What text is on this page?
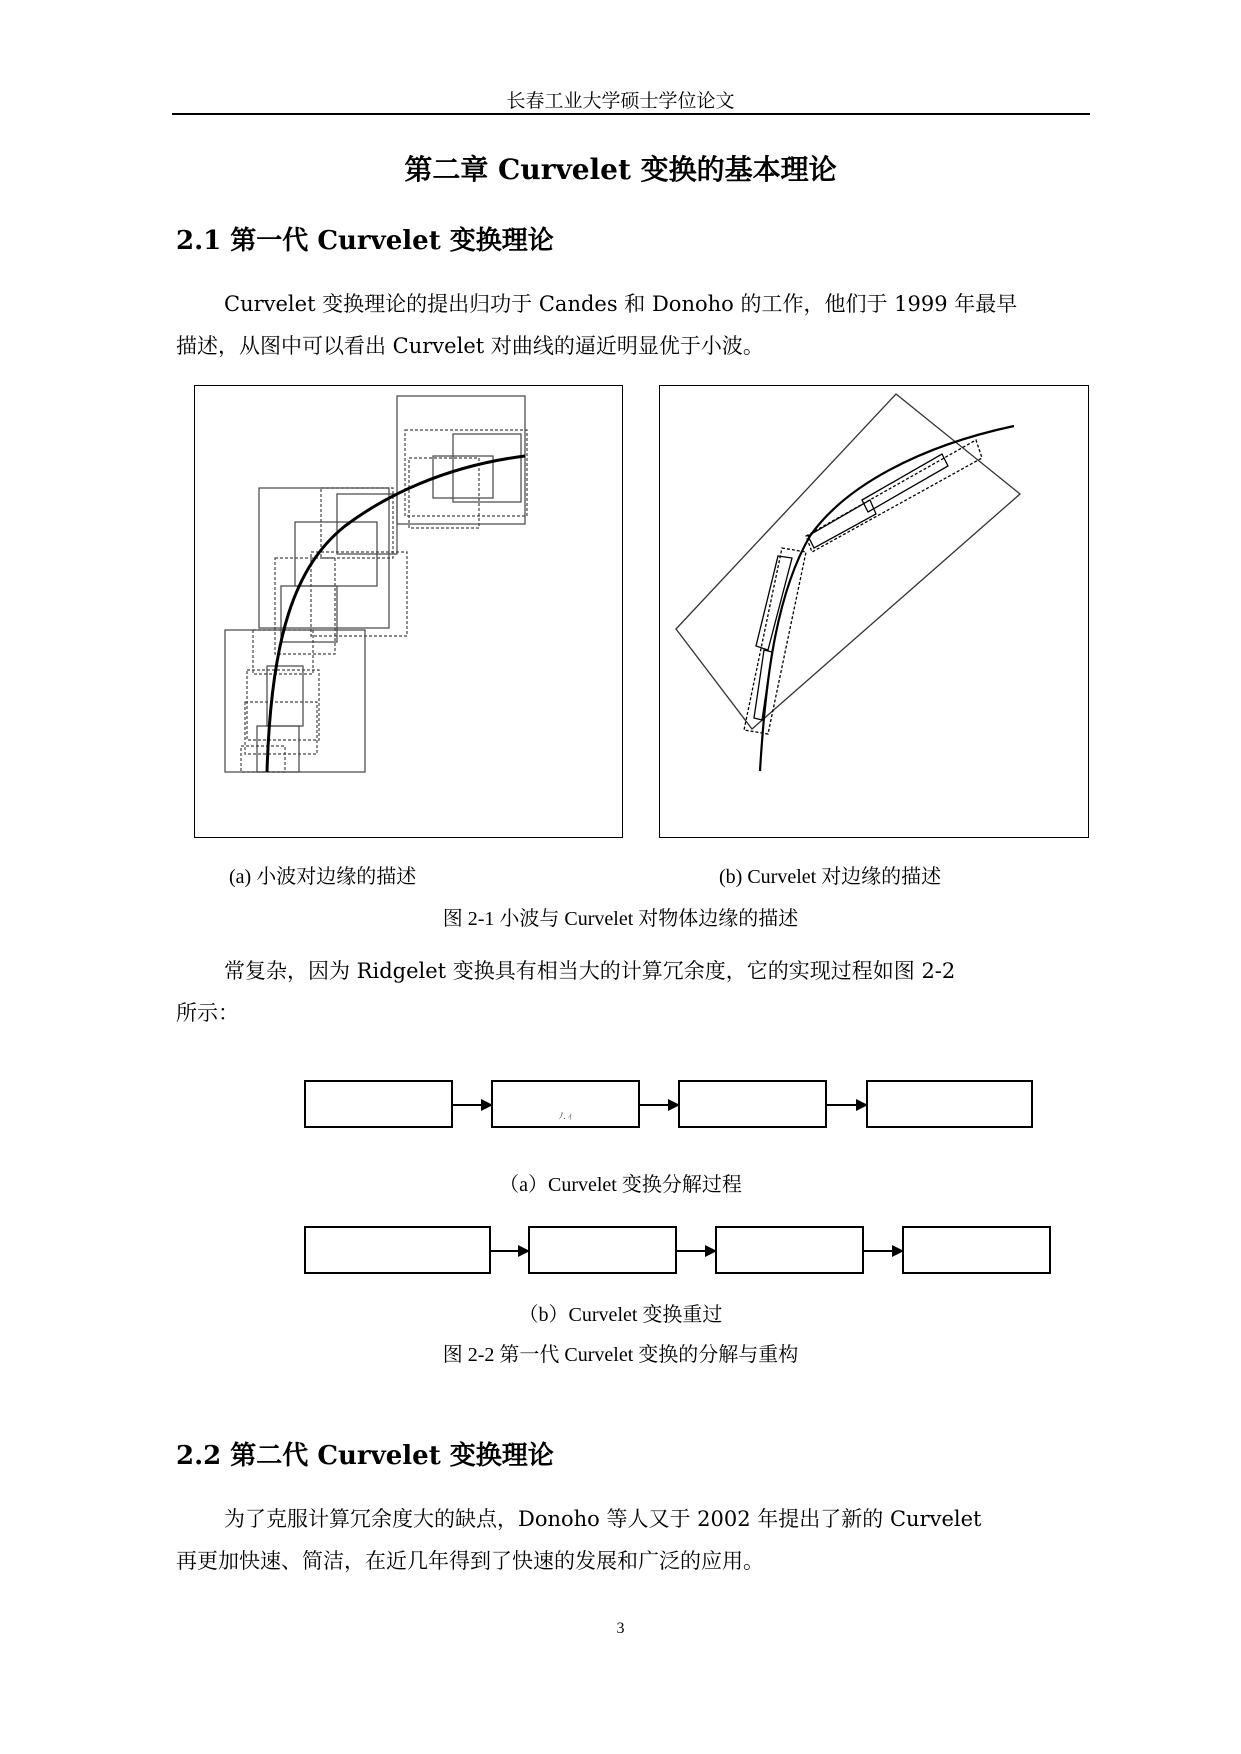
长春工业大学硕士学位论文
第二章 Curvelet 变换的基本理论
2.1 第一代 Curvelet 变换理论
Curvelet 变换理论的提出归功于 Candes 和 Donoho 的工作，他们于 1999 年最早
描述，从图中可以看出 Curvelet 对曲线的逼近明显优于小波。
(a) 小波对边缘的描述	(b) Curvelet 对边缘的描述
图 2-1 小波与 Curvelet 对物体边缘的描述
常复杂，因为 Ridgelet 变换具有相当大的计算冗余度，它的实现过程如图 2-2
所示：
ﾉ. ｨ
（a）Curvelet 变换分解过程
（b）Curvelet 变换重过
图 2-2 第一代 Curvelet 变换的分解与重构
2.2 第二代 Curvelet 变换理论
为了克服计算冗余度大的缺点，Donoho 等人又于 2002 年提出了新的 Curvelet
再更加快速、简洁，在近几年得到了快速的发展和广泛的应用。
3
